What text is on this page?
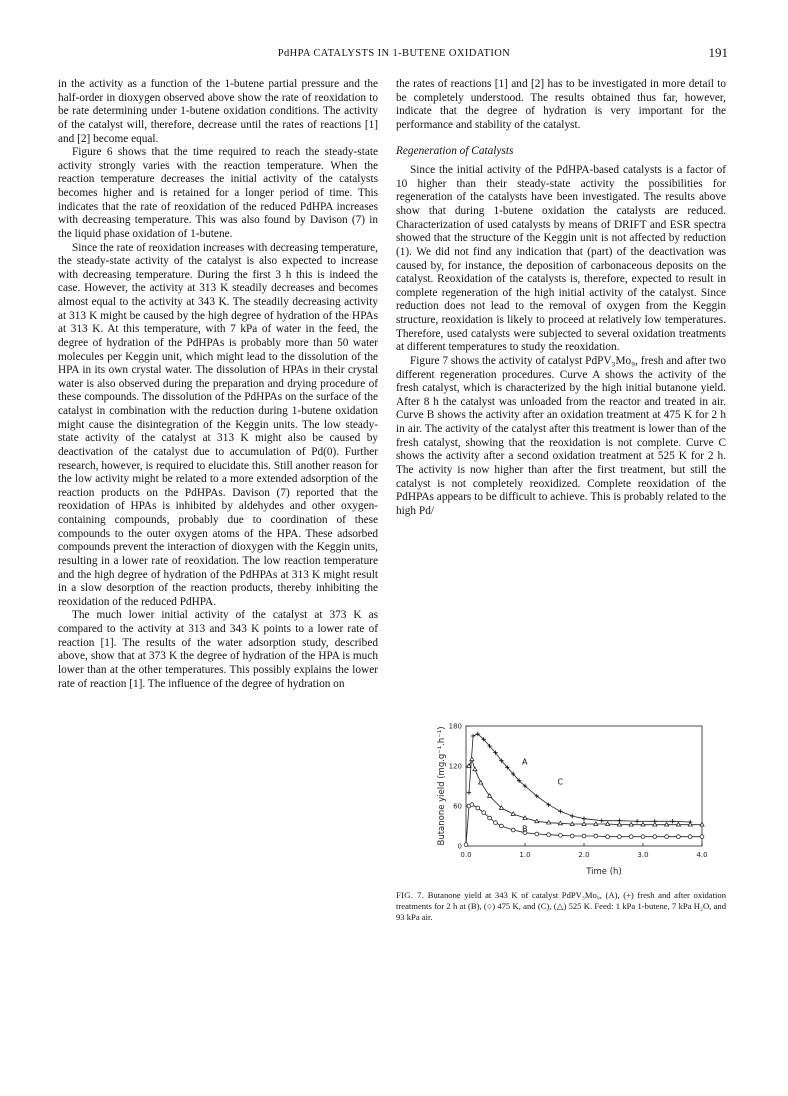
PdHPA CATALYSTS IN 1-BUTENE OXIDATION	191

in the activity as a function of the 1-butene partial pressure and the half-order in dioxygen observed above show the rate of reoxidation to be rate determining under 1-butene oxidation conditions. The activity of the catalyst will, therefore, decrease until the rates of reactions [1] and [2] become equal.

Figure 6 shows that the time required to reach the steady-state activity strongly varies with the reaction temperature. When the reaction temperature decreases the initial activity of the catalysts becomes higher and is retained for a longer period of time. This indicates that the rate of reoxidation of the reduced PdHPA increases with decreasing temperature. This was also found by Davison (7) in the liquid phase oxidation of 1-butene.

Since the rate of reoxidation increases with decreasing temperature, the steady-state activity of the catalyst is also expected to increase with decreasing temperature. During the first 3 h this is indeed the case. However, the activity at 313 K steadily decreases and becomes almost equal to the activity at 343 K. The steadily decreasing activity at 313 K might be caused by the high degree of hydration of the HPAs at 313 K. At this temperature, with 7 kPa of water in the feed, the degree of hydration of the PdHPAs is probably more than 50 water molecules per Keggin unit, which might lead to the dissolution of the HPA in its own crystal water. The dissolution of HPAs in their crystal water is also observed during the preparation and drying procedure of these compounds. The dissolution of the PdHPAs on the surface of the catalyst in combination with the reduction during 1-butene oxidation might cause the disintegration of the Keggin units. The low steady-state activity of the catalyst at 313 K might also be caused by deactivation of the catalyst due to accumulation of Pd(0). Further research, however, is required to elucidate this. Still another reason for the low activity might be related to a more extended adsorption of the reaction products on the PdHPAs. Davison (7) reported that the reoxidation of HPAs is inhibited by aldehydes and other oxygen-containing compounds, probably due to coordination of these compounds to the outer oxygen atoms of the HPA. These adsorbed compounds prevent the interaction of dioxygen with the Keggin units, resulting in a lower rate of reoxidation. The low reaction temperature and the high degree of hydration of the PdHPAs at 313 K might result in a slow desorption of the reaction products, thereby inhibiting the reoxidation of the reduced PdHPA.

The much lower initial activity of the catalyst at 373 K as compared to the activity at 313 and 343 K points to a lower rate of reaction [1]. The results of the water adsorption study, described above, show that at 373 K the degree of hydration of the HPA is much lower than at the other temperatures. This possibly explains the lower rate of reaction [1]. The influence of the degree of hydration on

the rates of reactions [1] and [2] has to be investigated in more detail to be completely understood. The results obtained thus far, however, indicate that the degree of hydration is very important for the performance and stability of the catalyst.

Regeneration of Catalysts

Since the initial activity of the PdHPA-based catalysts is a factor of 10 higher than their steady-state activity the possibilities for regeneration of the catalysts have been investigated. The results above show that during 1-butene oxidation the catalysts are reduced. Characterization of used catalysts by means of DRIFT and ESR spectra showed that the structure of the Keggin unit is not affected by reduction (1). We did not find any indication that (part) of the deactivation was caused by, for instance, the deposition of carbonaceous deposits on the catalyst. Reoxidation of the catalysts is, therefore, expected to result in complete regeneration of the high initial activity of the catalyst. Since reduction does not lead to the removal of oxygen from the Keggin structure, reoxidation is likely to proceed at relatively low temperatures. Therefore, used catalysts were subjected to several oxidation treatments at different temperatures to study the reoxidation.

Figure 7 shows the activity of catalyst PdPV₃Mo₉, fresh and after two different regeneration procedures. Curve A shows the activity of the fresh catalyst, which is characterized by the high initial butanone yield. After 8 h the catalyst was unloaded from the reactor and treated in air. Curve B shows the activity after an oxidation treatment at 475 K for 2 h in air. The activity of the catalyst after this treatment is lower than of the fresh catalyst, showing that the reoxidation is not complete. Curve C shows the activity after a second oxidation treatment at 525 K for 2 h. The activity is now higher than after the first treatment, but still the catalyst is not completely reoxidized. Complete reoxidation of the PdHPAs appears to be difficult to achieve. This is probably related to the high Pd/

0.0	1.0	2.0	3.0	4.0
0
60
120
180
Time (h)
Butanone yield (mg.g⁻¹.h⁻¹)	A
B
C
FIG. 7. Butanone yield at 343 K of catalyst PdPV₃Mo₉, (A), (+) fresh and after oxidation treatments for 2 h at (B), (○) 475 K, and (C), (△) 525 K. Feed: 1 kPa 1-butene, 7 kPa H₂O, and 93 kPa air.
